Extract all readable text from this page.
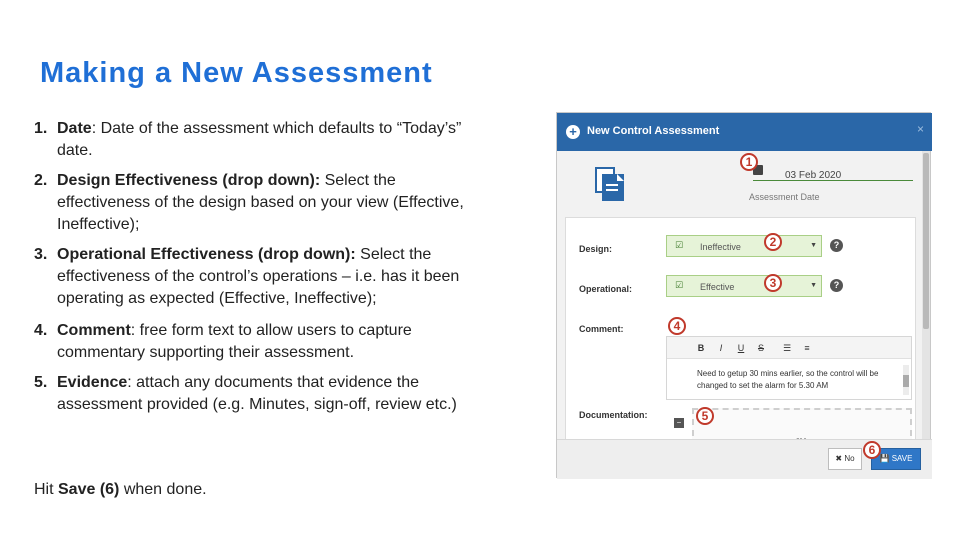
Making a New Assessment
1. Date: Date of the assessment which defaults to “Today’s” date.
2. Design Effectiveness (drop down): Select the effectiveness of the design based on your view (Effective, Ineffective);
3. Operational Effectiveness (drop down): Select the effectiveness of the control’s operations – i.e. has it been operating as expected (Effective, Ineffective);
4. Comment: free form text to allow users to capture commentary supporting their assessment.
5. Evidence: attach any documents that evidence the assessment provided (e.g. Minutes, sign-off, review etc.)
Hit Save (6) when done.
+ New Control Assessment	×
03 Feb 2020
Assessment Date
Design:	☑ Ineffective	▼	?
Operational:	☑ Effective	▼	?
Comment:
B	I	U	S	☰	≡
Need to getup 30 mins earlier, so the control will be changed to set the alarm for 5.30 AM
Documentation:
−
✖ No	💾 SAVE
1
2
3
4
5
6
